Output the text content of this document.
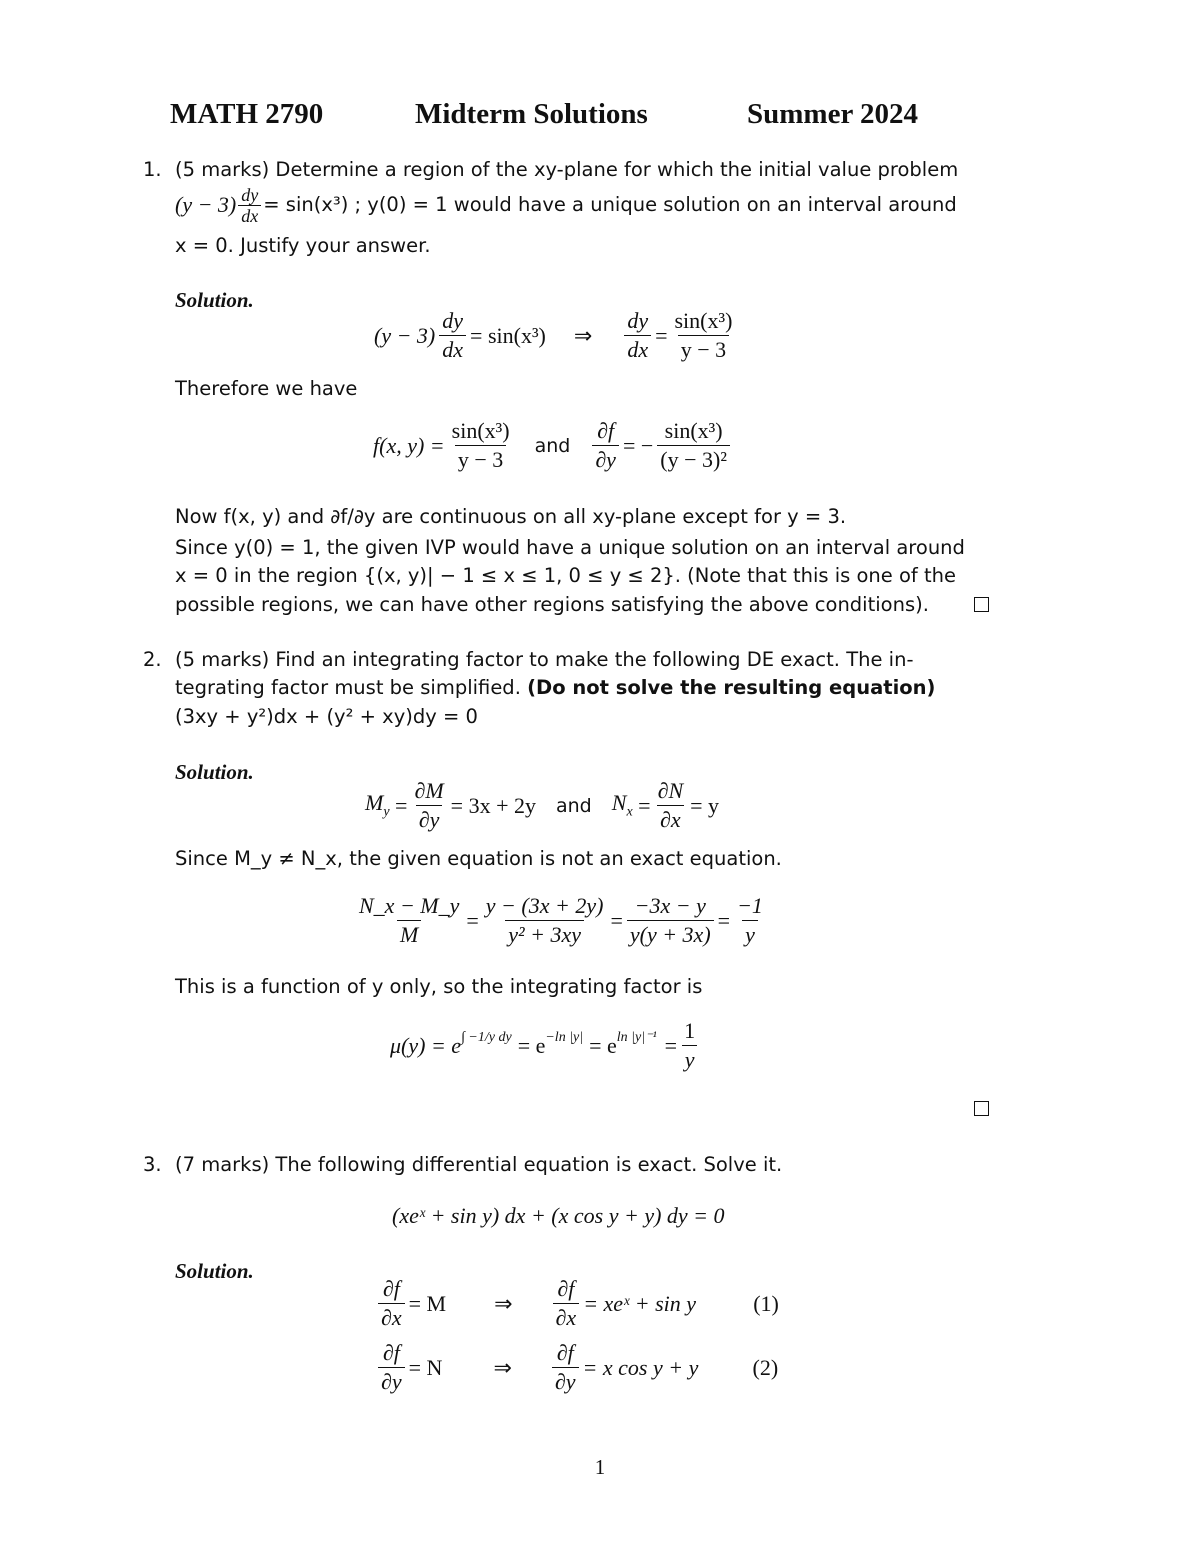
MATH 2790	Midterm Solutions	Summer 2024
1. (5 marks) Determine a region of the xy-plane for which the initial value problem
$(y - 3) \frac{dy}{dx} = \sin(x^3)$ ; y(0) = 1 would have a unique solution on an interval around
x = 0. Justify your answer.
Solution.
$(y - 3) \frac{dy}{dx} = \sin(x^3)$ ⇒ $\frac{dy}{dx} = \frac{\text{sin(x³)}}{y - 3}$
Therefore we have
f(x, $y) = \frac{\text{sin(x³)}}{y - 3}$ and $\frac{\partial f}{\partial y}$ = − $\frac{\text{sin(x³)}}{\text{(y − 3)²}}$
Now f(x, y) and ∂f/∂y are continuous on all xy-plane except for y = 3.
Since y(0) = 1, the given IVP would have a unique solution on an interval around
x = 0 in the region {(x, y)| − 1 ≤ x ≤ 1, 0 ≤ y ≤ 2}. (Note that this is one of the
possible regions, we can have other regions satisfying the above conditions).
2. (5 marks) Find an integrating factor to make the following DE exact. The in-
tegrating factor must be simplified. (Do not solve the resulting equation)
(3xy + y²)dx + (y² + xy)dy = 0
Solution.
$M_y = \frac{\partial M}{\partial y} = 3x + 2y$ and $N_x = \frac{\partial N}{\partial x} = y$
Since M_y ≠ N_x, the given equation is not an exact equation.
$\frac{N\_x - M\_y}{M} = \frac{y - (3x + 2y)}{\text{y² + 3xy}} = \frac{-3x - y}{y(y + 3x)} = \frac{-1}{y}$
This is a function of y only, so the integrating factor is
$\mu(y) = e^{\int -1/y dy} = e^{-ln |y|} = e^{ln |y|^{-1}} = \frac{1}{y}$
3. (7 marks) The following differential equation is exact. Solve it.
(xeˣ + sin y) dx + (x cos y + y) dy = 0
Solution.
$\frac{\partial f}{\partial x} = M$ ⇒ $\frac{\partial f}{\partial x}$ = xeˣ + sin y	(1)
$\frac{\partial f}{\partial y} = N$ ⇒ $\frac{\partial f}{\partial y} = x$ cos y + y	(2)
1
